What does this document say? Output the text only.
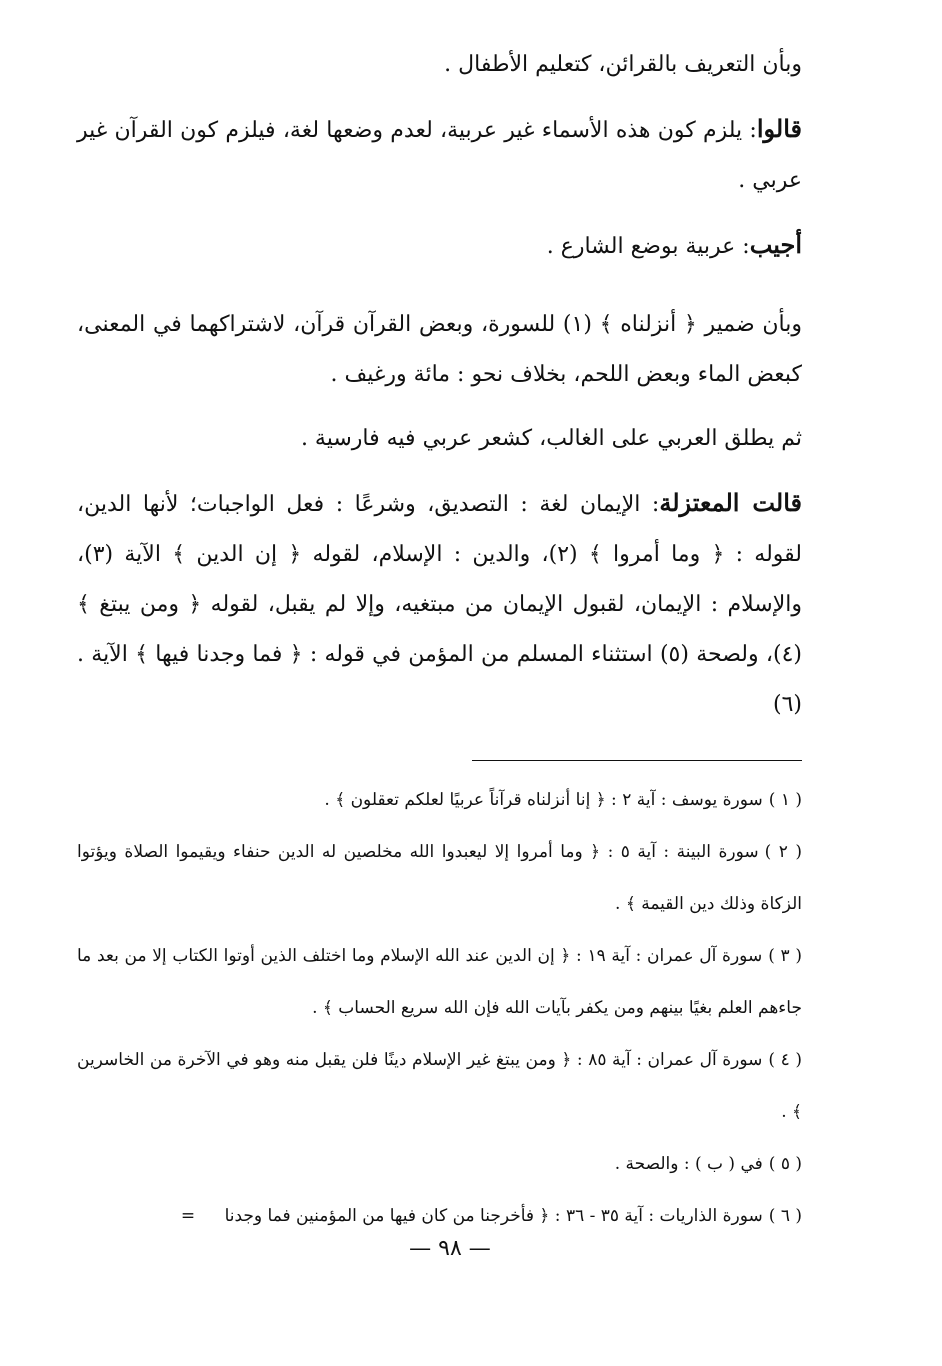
وبأن التعريف بالقرائن، كتعليم الأطفال .

قالوا: يلزم كون هذه الأسماء غير عربية، لعدم وضعها لغة، فيلزم كون القرآن غير عربي .

أجيب: عربية بوضع الشارع .

وبأن ضمير ﴿ أنزلناه ﴾ (١) للسورة، وبعض القرآن قرآن، لاشتراكهما في المعنى، كبعض الماء وبعض اللحم، بخلاف نحو : مائة ورغيف .

ثم يطلق العربي على الغالب، كشعر عربي فيه فارسية .

قالت المعتزلة: الإيمان لغة : التصديق، وشرعًا : فعل الواجبات؛ لأنها الدين، لقوله : ﴿ وما أمروا ﴾ (٢)، والدين : الإسلام، لقوله ﴿ إن الدين ﴾ الآية (٣)، والإسلام : الإيمان، لقبول الإيمان من مبتغيه، وإلا لم يقبل، لقوله ﴿ ومن يبتغ ﴾ (٤)، ولصحة (٥) استثناء المسلم من المؤمن في قوله : ﴿ فما وجدنا فيها ﴾ الآية . (٦)

( ١ )سورة يوسف : آية ٢ : ﴿ إنا أنزلناه قرآناً عربيًا لعلكم تعقلون ﴾ .

( ٢ )سورة البينة : آية ٥ : ﴿ وما أمروا إلا ليعبدوا الله مخلصين له الدين حنفاء ويقيموا الصلاة ويؤتوا الزكاة وذلك دين القيمة ﴾ .

( ٣ )سورة آل عمران : آية ١٩ : ﴿ إن الدين عند الله الإسلام وما اختلف الذين أوتوا الكتاب إلا من بعد ما جاءهم العلم بغيًا بينهم ومن يكفر بآيات الله فإن الله سريع الحساب ﴾ .

( ٤ )سورة آل عمران : آية ٨٥ : ﴿ ومن يبتغ غير الإسلام دينًا فلن يقبل منه وهو في الآخرة من الخاسرين ﴾ .

( ٥ )في ( ب ) : والصحة .

( ٦ )سورة الذاريات : آية ٣٥ - ٣٦ : ﴿ فأخرجنا من كان فيها من المؤمنين فما وجدنا =

— ٩٨ —
